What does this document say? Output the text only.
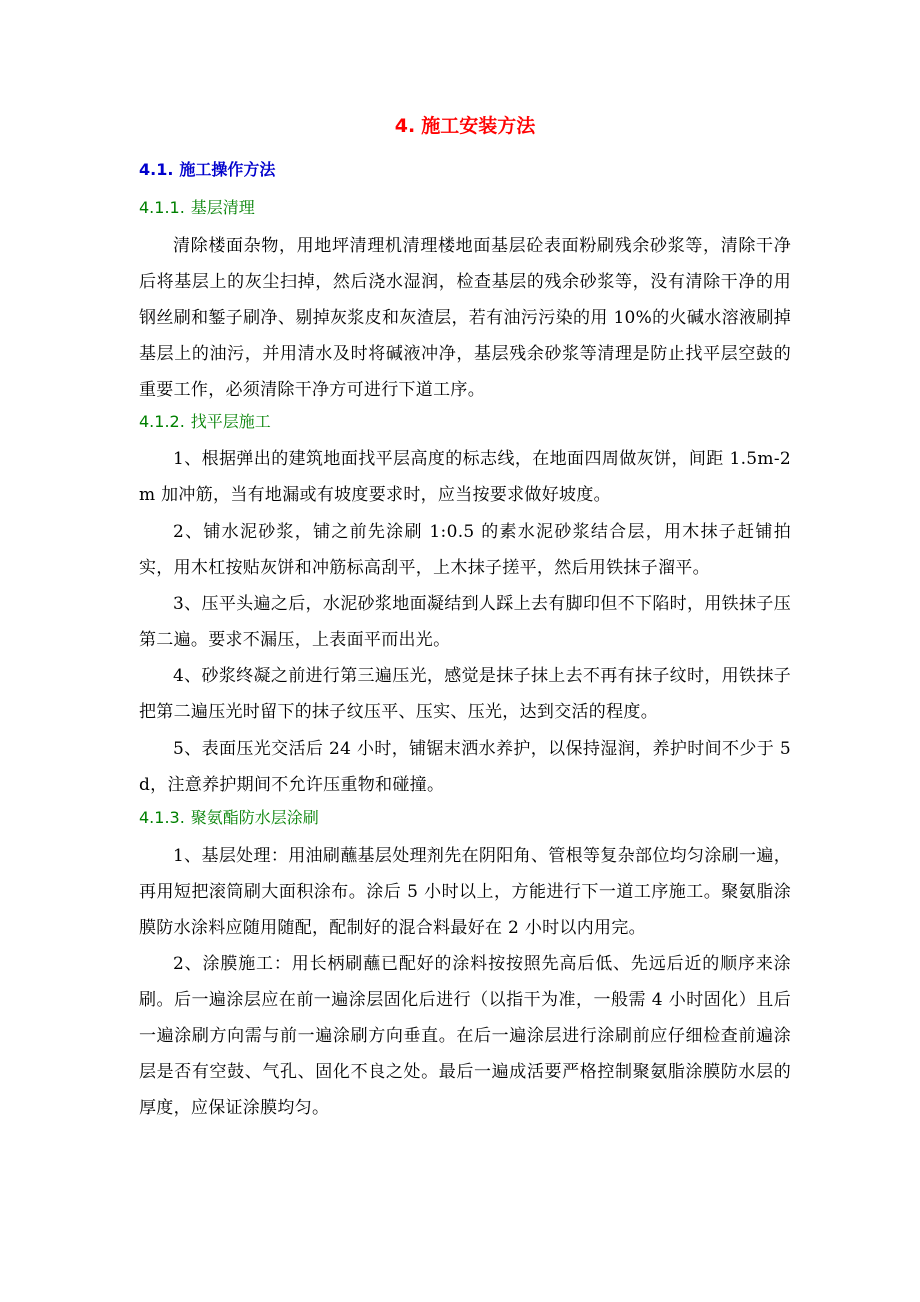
4. 施工安装方法
4.1. 施工操作方法
4.1.1. 基层清理

清除楼面杂物，用地坪清理机清理楼地面基层砼表面粉刷残余砂浆等，清除干净后将基层上的灰尘扫掉，然后浇水湿润，检查基层的残余砂浆等，没有清除干净的用钢丝刷和錾子刷净、剔掉灰浆皮和灰渣层，若有油污污染的用 10%的火碱水溶液刷掉基层上的油污，并用清水及时将碱液冲净，基层残余砂浆等清理是防止找平层空鼓的重要工作，必须清除干净方可进行下道工序。

4.1.2. 找平层施工

1、根据弹出的建筑地面找平层高度的标志线，在地面四周做灰饼，间距 1.5m-2m 加冲筋，当有地漏或有坡度要求时，应当按要求做好坡度。

2、铺水泥砂浆，铺之前先涂刷 1:0.5 的素水泥砂浆结合层，用木抹子赶铺拍实，用木杠按贴灰饼和冲筋标高刮平，上木抹子搓平，然后用铁抹子溜平。

3、压平头遍之后，水泥砂浆地面凝结到人踩上去有脚印但不下陷时，用铁抹子压第二遍。要求不漏压，上表面平而出光。

4、砂浆终凝之前进行第三遍压光，感觉是抹子抹上去不再有抹子纹时，用铁抹子把第二遍压光时留下的抹子纹压平、压实、压光，达到交活的程度。

5、表面压光交活后 24 小时，铺锯末洒水养护，以保持湿润，养护时间不少于 5d，注意养护期间不允许压重物和碰撞。

4.1.3. 聚氨酯防水层涂刷

1、基层处理：用油刷蘸基层处理剂先在阴阳角、管根等复杂部位均匀涂刷一遍，再用短把滚筒刷大面积涂布。涂后 5 小时以上，方能进行下一道工序施工。聚氨脂涂膜防水涂料应随用随配，配制好的混合料最好在 2 小时以内用完。

2、涂膜施工：用长柄刷蘸已配好的涂料按按照先高后低、先远后近的顺序来涂刷。后一遍涂层应在前一遍涂层固化后进行（以指干为准，一般需 4 小时固化）且后一遍涂刷方向需与前一遍涂刷方向垂直。在后一遍涂层进行涂刷前应仔细检查前遍涂层是否有空鼓、气孔、固化不良之处。最后一遍成活要严格控制聚氨脂涂膜防水层的厚度，应保证涂膜均匀。
